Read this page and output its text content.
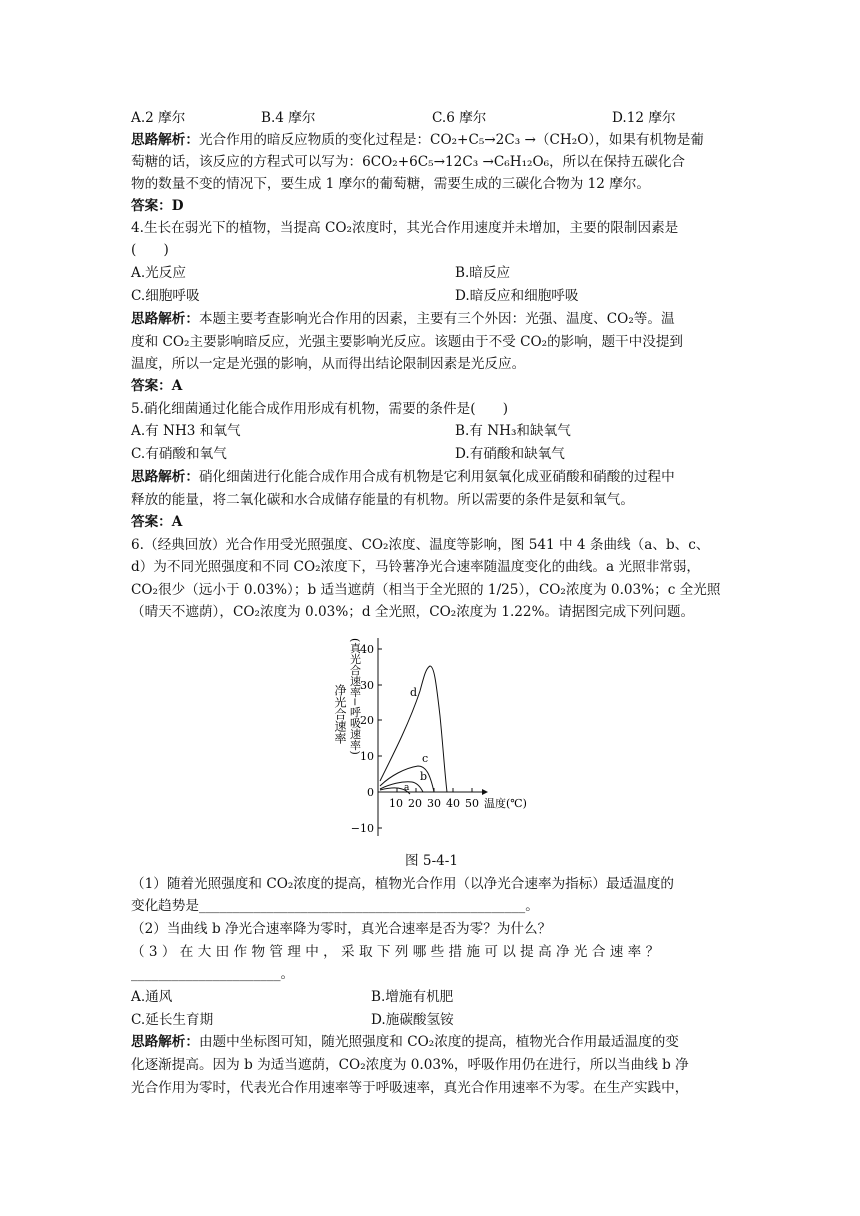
A.2 摩尔	B.4 摩尔	C.6 摩尔	D.12 摩尔
思路解析：光合作用的暗反应物质的变化过程是：CO₂+C₅→2C₃ →（CH₂O），如果有机物是葡
萄糖的话，该反应的方程式可以写为：6CO₂+6C₅→12C₃ →C₆H₁₂O₆，所以在保持五碳化合
物的数量不变的情况下，要生成 1 摩尔的葡萄糖，需要生成的三碳化合物为 12 摩尔。
答案：D
4.生长在弱光下的植物，当提高 CO₂浓度时，其光合作用速度并未增加，主要的限制因素是
(　　)
A.光反应	B.暗反应
C.细胞呼吸	D.暗反应和细胞呼吸
思路解析：本题主要考查影响光合作用的因素，主要有三个外因：光强、温度、CO₂等。温
度和 CO₂主要影响暗反应，光强主要影响光反应。该题由于不受 CO₂的影响，题干中没提到
温度，所以一定是光强的影响，从而得出结论限制因素是光反应。
答案：A
5.硝化细菌通过化能合成作用形成有机物，需要的条件是(　　)
A.有 NH3 和氧气	B.有 NH₃和缺氧气
C.有硝酸和氧气	D.有硝酸和缺氧气
思路解析：硝化细菌进行化能合成作用合成有机物是它利用氨氧化成亚硝酸和硝酸的过程中
释放的能量，将二氧化碳和水合成储存能量的有机物。所以需要的条件是氨和氧气。
答案：A
6.（经典回放）光合作用受光照强度、CO₂浓度、温度等影响，图 541 中 4 条曲线（a、b、c、
d）为不同光照强度和不同 CO₂浓度下，马铃薯净光合速率随温度变化的曲线。a 光照非常弱，
CO₂很少（远小于 0.03%）；b 适当遮荫（相当于全光照的 1/25），CO₂浓度为 0.03%；c 全光照
（晴天不遮荫），CO₂浓度为 0.03%；d 全光照，CO₂浓度为 1.22%。请据图完成下列问题。
净光合速率 (真光合速率−呼吸速率)
40
30
20
10
0
−10
10 20 30 40 50 温度(℃)
d
c
b
a
图 5-4-1
（1）随着光照强度和 CO₂浓度的提高，植物光合作用（以净光合速率为指标）最适温度的
变化趋势是________________________________________________。
（2）当曲线 b 净光合速率降为零时，真光合速率是否为零？为什么？
（ 3 ） 在 大 田 作 物 管 理 中 ， 采 取 下 列 哪 些 措 施 可 以 提 高 净 光 合 速 率 ？
______________________。
A.通风	B.增施有机肥
C.延长生育期	D.施碳酸氢铵
思路解析：由题中坐标图可知，随光照强度和 CO₂浓度的提高，植物光合作用最适温度的变
化逐渐提高。因为 b 为适当遮荫，CO₂浓度为 0.03%，呼吸作用仍在进行，所以当曲线 b 净
光合作用为零时，代表光合作用速率等于呼吸速率，真光合作用速率不为零。在生产实践中，
